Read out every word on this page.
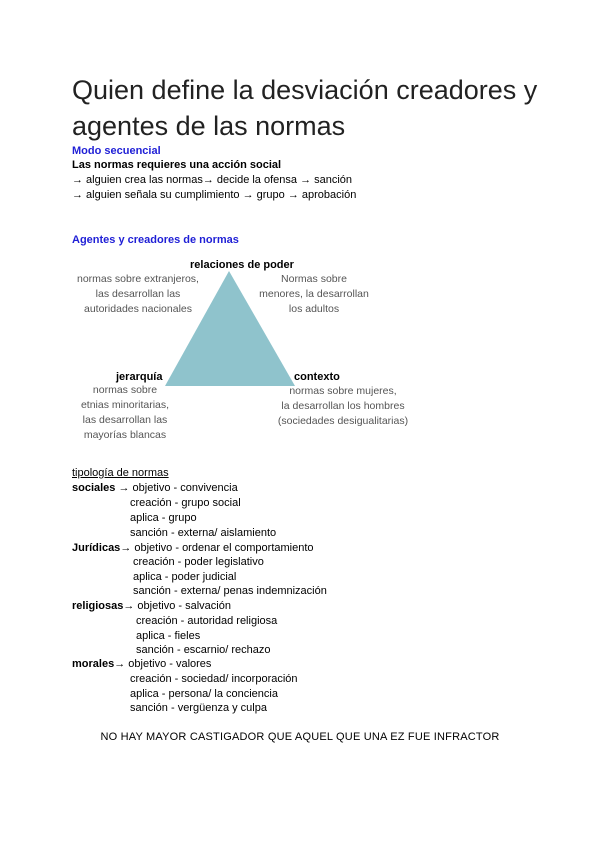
Quien define la desviación creadores y
agentes de las normas
Modo secuencial
Las normas requieres una acción social
→ alguien crea las normas→ decide la ofensa → sanción
→ alguien señala su cumplimiento → grupo → aprobación
Agentes y creadores de normas
relaciones de poder
normas sobre extranjeros,
las desarrollan las
autoridades nacionales
Normas sobre
menores, la desarrollan
los adultos
jerarquía
normas sobre
etnias minoritarias,
las desarrollan las
mayorías blancas
contexto
normas sobre mujeres,
la desarrollan los hombres
(sociedades desigualitarias)
tipología de normas
sociales → objetivo - convivencia
creación - grupo social
aplica - grupo
sanción - externa/ aislamiento
Jurídicas→ objetivo - ordenar el comportamiento
creación - poder legislativo
aplica - poder judicial
sanción - externa/ penas indemnización
religiosas→ objetivo - salvación
creación - autoridad religiosa
aplica - fieles
sanción - escarnio/ rechazo
morales→ objetivo - valores
creación - sociedad/ incorporación
aplica - persona/ la conciencia
sanción - vergüenza y culpa
NO HAY MAYOR CASTIGADOR QUE AQUEL QUE UNA EZ FUE INFRACTOR
